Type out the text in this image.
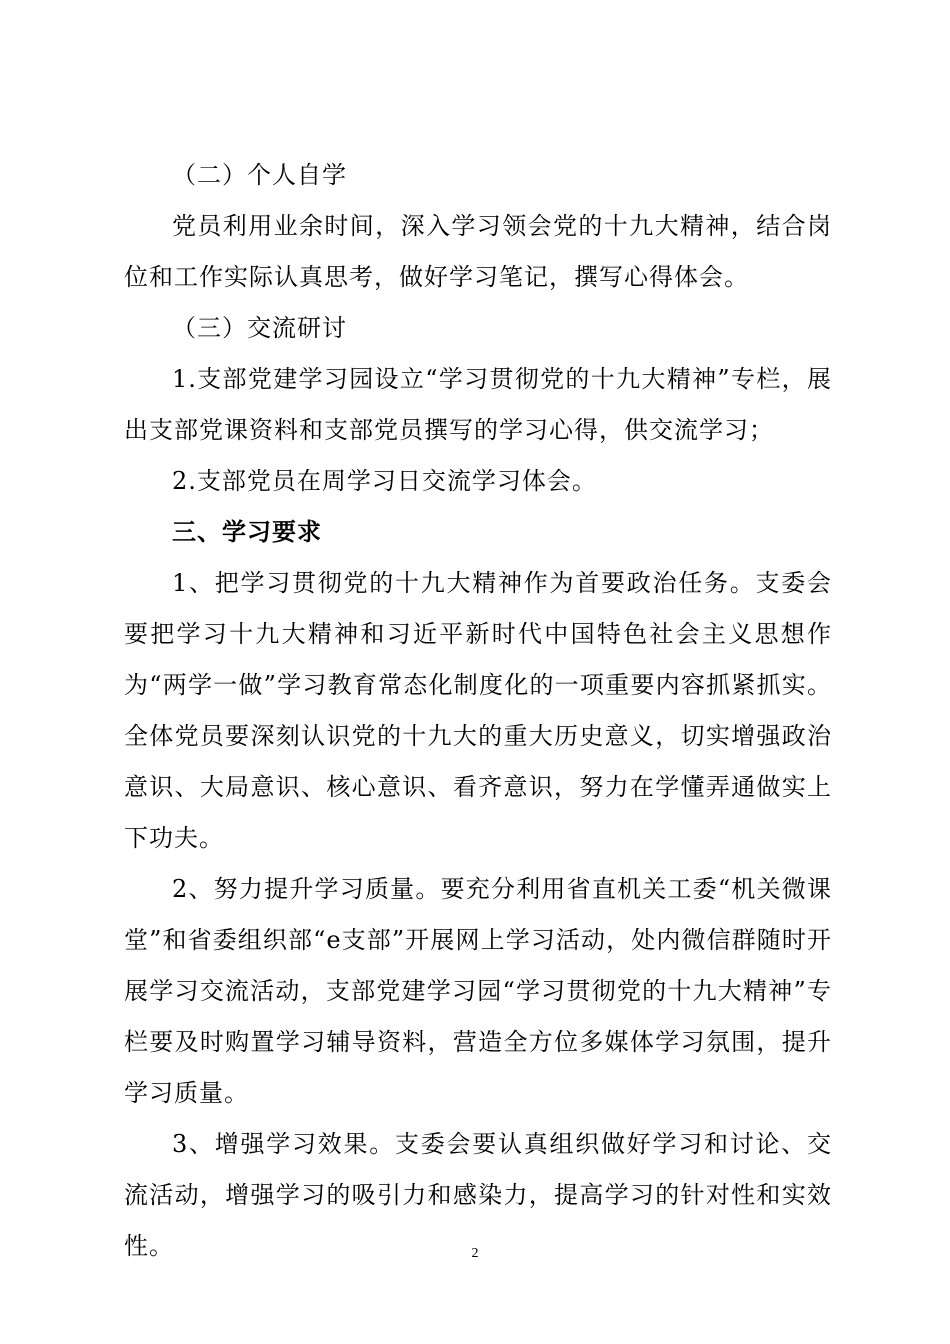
（二）个人自学

党员利用业余时间，深入学习领会党的十九大精神，结合岗位和工作实际认真思考，做好学习笔记，撰写心得体会。

（三）交流研讨

1.支部党建学习园设立“学习贯彻党的十九大精神”专栏，展出支部党课资料和支部党员撰写的学习心得，供交流学习；

2.支部党员在周学习日交流学习体会。

三、学习要求

1、把学习贯彻党的十九大精神作为首要政治任务。支委会要把学习十九大精神和习近平新时代中国特色社会主义思想作为“两学一做”学习教育常态化制度化的一项重要内容抓紧抓实。全体党员要深刻认识党的十九大的重大历史意义，切实增强政治意识、大局意识、核心意识、看齐意识，努力在学懂弄通做实上下功夫。

2、努力提升学习质量。要充分利用省直机关工委“机关微课堂”和省委组织部“e支部”开展网上学习活动，处内微信群随时开展学习交流活动，支部党建学习园“学习贯彻党的十九大精神”专栏要及时购置学习辅导资料，营造全方位多媒体学习氛围，提升学习质量。

3、增强学习效果。支委会要认真组织做好学习和讨论、交流活动，增强学习的吸引力和感染力，提高学习的针对性和实效性。	2
